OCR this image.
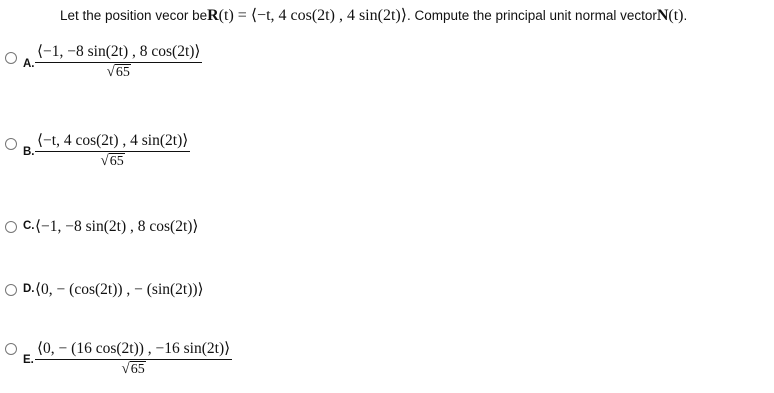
Let the position vecor be R(t) = ⟨−t, 4 cos(2t) , 4 sin(2t)⟩ . Compute the principal unit normal vector N(t) .
A. $\frac{⟨-1, -8 \sin(2t) , 8 \cos(2t)⟩}{√ 65}$
B. $\frac{⟨-t, 4 \cos(2t) , 4 \sin(2t)⟩}{√ 65}$
C. ⟨−1, −8 sin(2t) , 8 cos(2t)⟩
D. ⟨0, − (cos(2t)) , − (sin(2t))⟩
E. $\frac{⟨0, - (16 \cos(2t)) , -16 \sin(2t)⟩}{√ 65}$
